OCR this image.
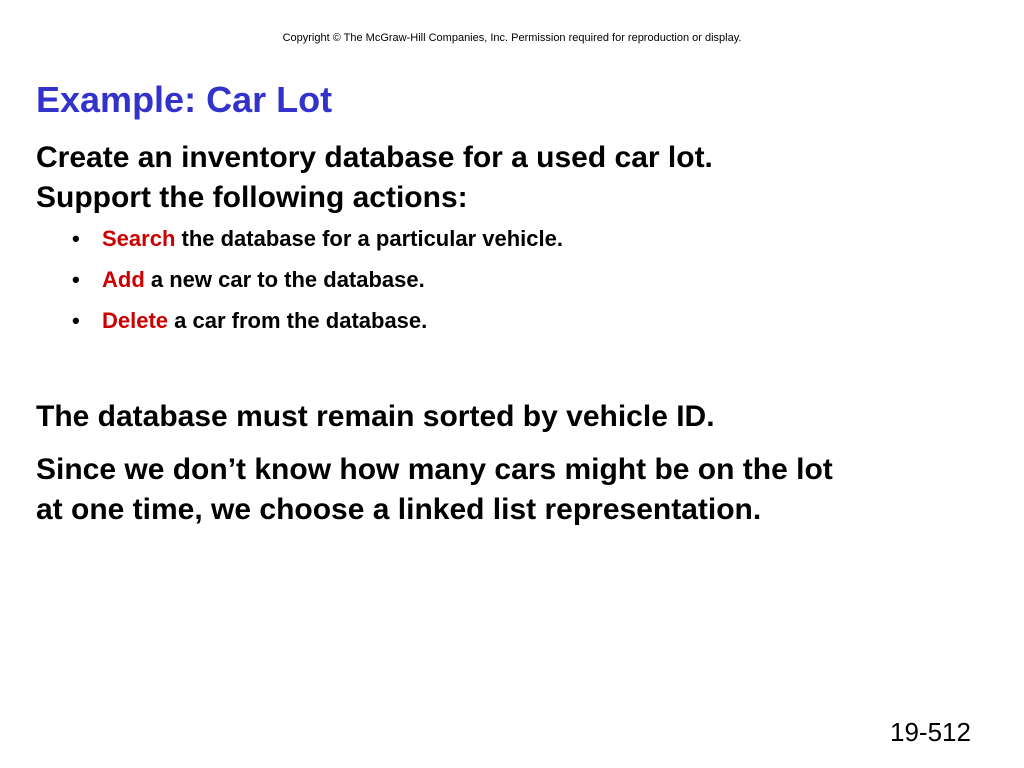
Copyright © The McGraw-Hill Companies, Inc. Permission required for reproduction or display.
Example: Car Lot
Create an inventory database for a used car lot.
Support the following actions:
• Search the database for a particular vehicle.
• Add a new car to the database.
• Delete a car from the database.
The database must remain sorted by vehicle ID.
Since we don’t know how many cars might be on the lot
at one time, we choose a linked list representation.
19-512
